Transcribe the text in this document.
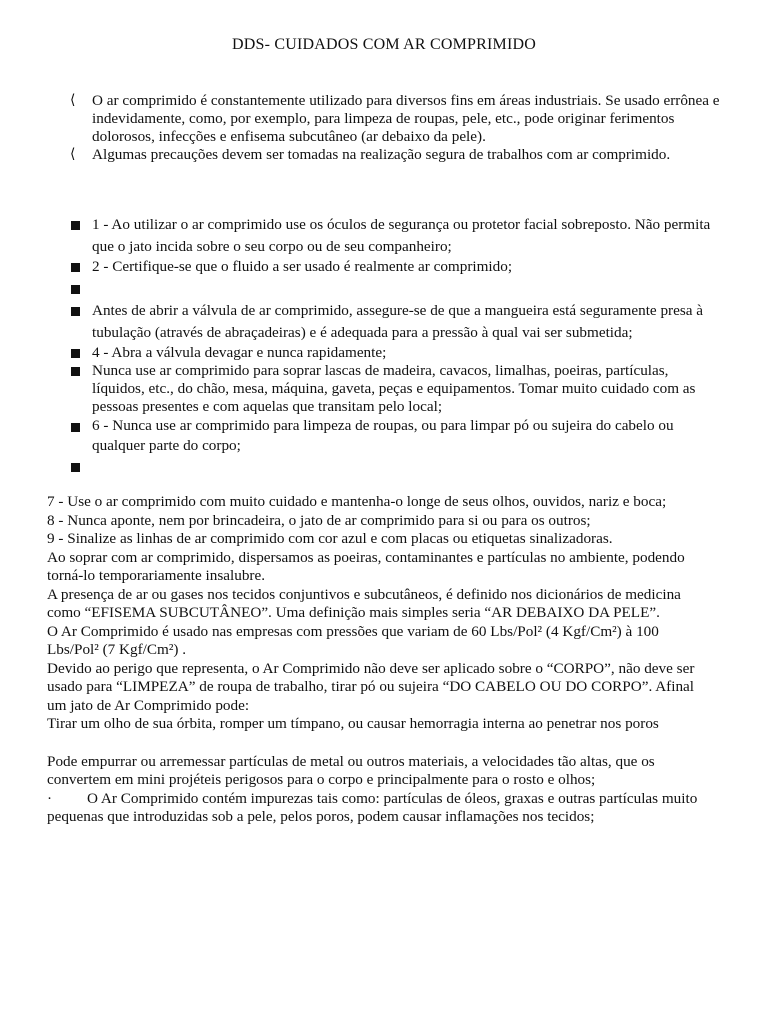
DDS- CUIDADOS COM AR COMPRIMIDO
⟨	O ar comprimido é constantemente utilizado para diversos fins em áreas industriais. Se usado errônea e indevidamente, como, por exemplo, para limpeza de roupas, pele, etc., pode originar ferimentos dolorosos, infecções e enfisema subcutâneo (ar debaixo da pele).
⟨	Algumas precauções devem ser tomadas na realização segura de trabalhos com ar comprimido.
1 - Ao utilizar o ar comprimido use os óculos de segurança ou protetor facial sobreposto. Não permita que o jato incida sobre o seu corpo ou de seu companheiro;
2 - Certifique-se que o fluido a ser usado é realmente ar comprimido;
Antes de abrir a válvula de ar comprimido, assegure-se de que a mangueira está seguramente presa à tubulação (através de abraçadeiras) e é adequada para a pressão à qual vai ser submetida;
4 - Abra a válvula devagar e nunca rapidamente;
Nunca use ar comprimido para soprar lascas de madeira, cavacos, limalhas, poeiras, partículas, líquidos, etc., do chão, mesa, máquina, gaveta, peças e equipamentos. Tomar muito cuidado com as pessoas presentes e com aquelas que transitam pelo local;
6 - Nunca use ar comprimido para limpeza de roupas, ou para limpar pó ou sujeira do cabelo ou qualquer parte do corpo;

7 - Use o ar comprimido com muito cuidado e mantenha-o longe de seus olhos, ouvidos, nariz e boca;

8 - Nunca aponte, nem por brincadeira, o jato de ar comprimido para si ou para os outros;

9 - Sinalize as linhas de ar comprimido com cor azul e com placas ou etiquetas sinalizadoras.

Ao soprar com ar comprimido, dispersamos as poeiras, contaminantes e partículas no ambiente, podendo torná-lo temporariamente insalubre.

A presença de ar ou gases nos tecidos conjuntivos e subcutâneos, é definido nos dicionários de medicina como “EFISEMA SUBCUTÂNEO”. Uma definição mais simples seria “AR DEBAIXO DA PELE”.

O Ar Comprimido é usado nas empresas com pressões que variam de 60 Lbs/Pol² (4 Kgf/Cm²) à 100 Lbs/Pol² (7 Kgf/Cm²) .

Devido ao perigo que representa, o Ar Comprimido não deve ser aplicado sobre o “CORPO”, não deve ser usado para “LIMPEZA” de roupa de trabalho, tirar pó ou sujeira “DO CABELO OU DO CORPO”. Afinal um jato de Ar Comprimido pode:

Tirar um olho de sua órbita, romper um tímpano, ou causar hemorragia interna ao penetrar nos poros

Pode empurrar ou arremessar partículas de metal ou outros materiais, a velocidades tão altas, que os convertem em mini projéteis perigosos para o corpo e principalmente para o rosto e olhos;

· O Ar Comprimido contém impurezas tais como: partículas de óleos, graxas e outras partículas muito pequenas que introduzidas sob a pele, pelos poros, podem causar inflamações nos tecidos;
